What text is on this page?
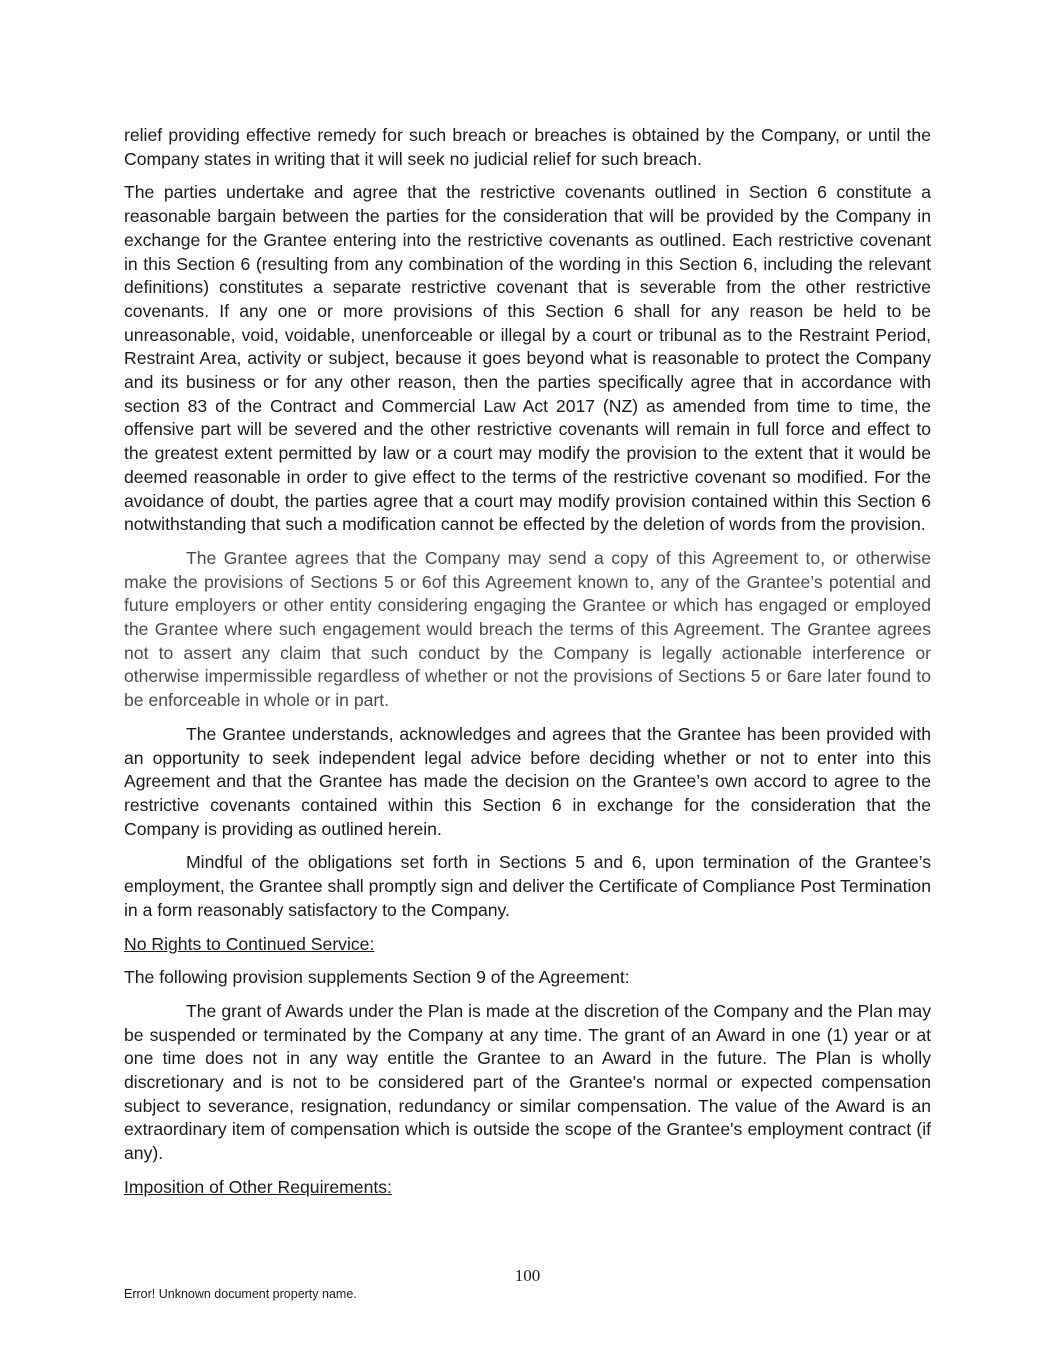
relief providing effective remedy for such breach or breaches is obtained by the Company, or until the Company states in writing that it will seek no judicial relief for such breach.

The parties undertake and agree that the restrictive covenants outlined in Section 6 constitute a reasonable bargain between the parties for the consideration that will be provided by the Company in exchange for the Grantee entering into the restrictive covenants as outlined. Each restrictive covenant in this Section 6 (resulting from any combination of the wording in this Section 6, including the relevant definitions) constitutes a separate restrictive covenant that is severable from the other restrictive covenants. If any one or more provisions of this Section 6 shall for any reason be held to be unreasonable, void, voidable, unenforceable or illegal by a court or tribunal as to the Restraint Period, Restraint Area, activity or subject, because it goes beyond what is reasonable to protect the Company and its business or for any other reason, then the parties specifically agree that in accordance with section 83 of the Contract and Commercial Law Act 2017 (NZ) as amended from time to time, the offensive part will be severed and the other restrictive covenants will remain in full force and effect to the greatest extent permitted by law or a court may modify the provision to the extent that it would be deemed reasonable in order to give effect to the terms of the restrictive covenant so modified. For the avoidance of doubt, the parties agree that a court may modify provision contained within this Section 6 notwithstanding that such a modification cannot be effected by the deletion of words from the provision.

The Grantee agrees that the Company may send a copy of this Agreement to, or otherwise make the provisions of Sections 5 or 6of this Agreement known to, any of the Grantee’s potential and future employers or other entity considering engaging the Grantee or which has engaged or employed the Grantee where such engagement would breach the terms of this Agreement. The Grantee agrees not to assert any claim that such conduct by the Company is legally actionable interference or otherwise impermissible regardless of whether or not the provisions of Sections 5 or 6are later found to be enforceable in whole or in part.

The Grantee understands, acknowledges and agrees that the Grantee has been provided with an opportunity to seek independent legal advice before deciding whether or not to enter into this Agreement and that the Grantee has made the decision on the Grantee’s own accord to agree to the restrictive covenants contained within this Section 6 in exchange for the consideration that the Company is providing as outlined herein.

Mindful of the obligations set forth in Sections 5 and 6, upon termination of the Grantee’s employment, the Grantee shall promptly sign and deliver the Certificate of Compliance Post Termination in a form reasonably satisfactory to the Company.

No Rights to Continued Service:

The following provision supplements Section 9 of the Agreement:

The grant of Awards under the Plan is made at the discretion of the Company and the Plan may be suspended or terminated by the Company at any time. The grant of an Award in one (1) year or at one time does not in any way entitle the Grantee to an Award in the future. The Plan is wholly discretionary and is not to be considered part of the Grantee's normal or expected compensation subject to severance, resignation, redundancy or similar compensation. The value of the Award is an extraordinary item of compensation which is outside the scope of the Grantee's employment contract (if any).

Imposition of Other Requirements:

100
Error! Unknown document property name.
